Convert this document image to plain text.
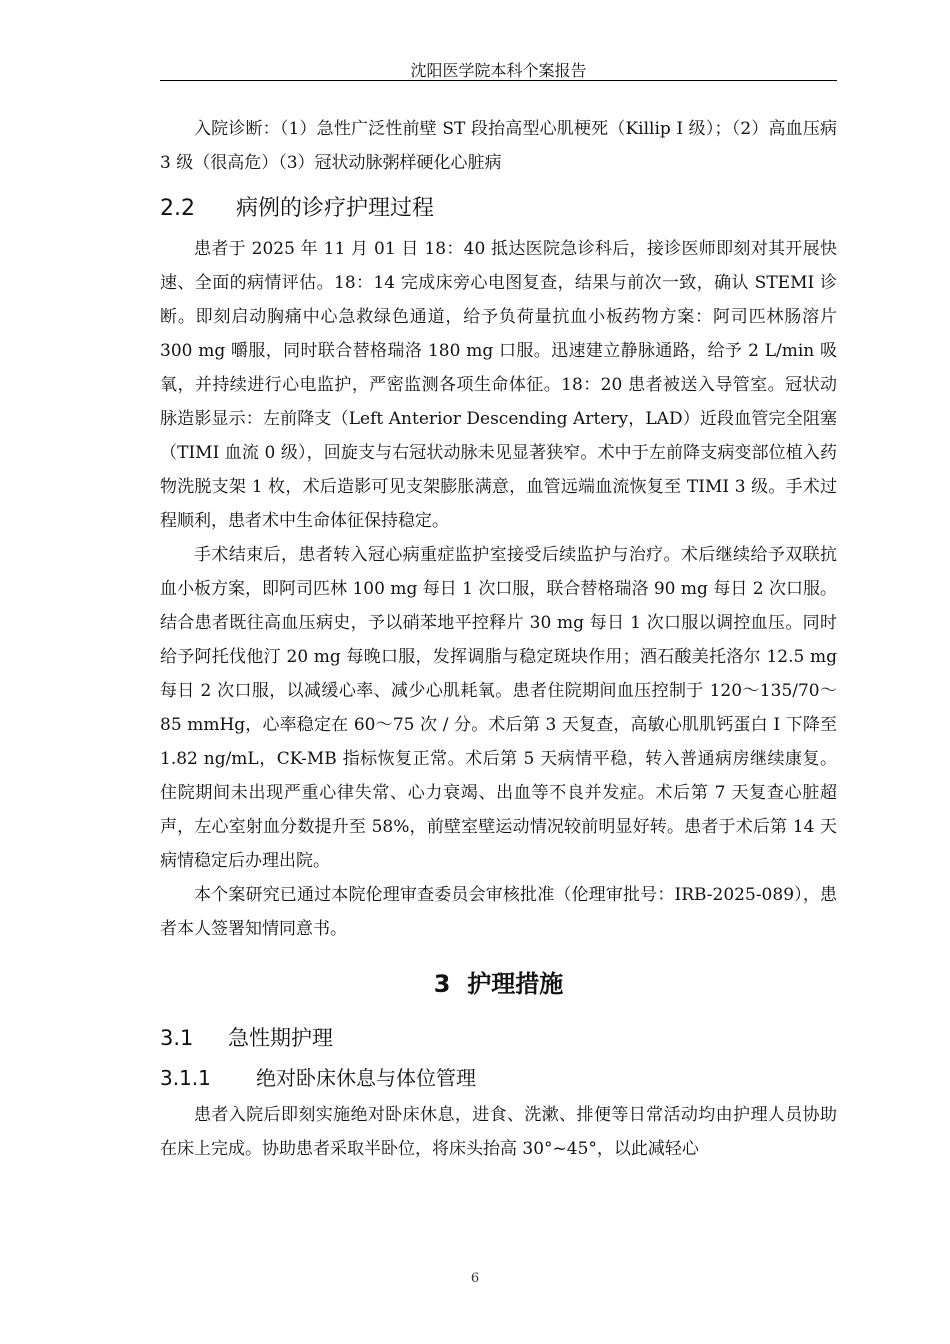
沈阳医学院本科个案报告

入院诊断：（1）急性广泛性前壁 ST 段抬高型心肌梗死（Killip I 级）；（2）高血压病 3 级（很高危）（3）冠状动脉粥样硬化心脏病

2.2 病例的诊疗护理过程

患者于 2025 年 11 月 01 日 18：40 抵达医院急诊科后，接诊医师即刻对其开展快速、全面的病情评估。18：14 完成床旁心电图复查，结果与前次一致，确认 STEMI 诊断。即刻启动胸痛中心急救绿色通道，给予负荷量抗血小板药物方案：阿司匹林肠溶片 300 mg 嚼服，同时联合替格瑞洛 180 mg 口服。迅速建立静脉通路，给予 2 L/min 吸氧，并持续进行心电监护，严密监测各项生命体征。18：20 患者被送入导管室。冠状动脉造影显示：左前降支（Left Anterior Descending Artery，LAD）近段血管完全阻塞（TIMI 血流 0 级），回旋支与右冠状动脉未见显著狭窄。术中于左前降支病变部位植入药物洗脱支架 1 枚，术后造影可见支架膨胀满意，血管远端血流恢复至 TIMI 3 级。手术过程顺利，患者术中生命体征保持稳定。

手术结束后，患者转入冠心病重症监护室接受后续监护与治疗。术后继续给予双联抗血小板方案，即阿司匹林 100 mg 每日 1 次口服，联合替格瑞洛 90 mg 每日 2 次口服。结合患者既往高血压病史，予以硝苯地平控释片 30 mg 每日 1 次口服以调控血压。同时给予阿托伐他汀 20 mg 每晚口服，发挥调脂与稳定斑块作用；酒石酸美托洛尔 12.5 mg 每日 2 次口服，以减缓心率、减少心肌耗氧。患者住院期间血压控制于 120～135/70～85 mmHg，心率稳定在 60～75 次 / 分。术后第 3 天复查，高敏心肌肌钙蛋白 I 下降至 1.82 ng/mL，CK-MB 指标恢复正常。术后第 5 天病情平稳，转入普通病房继续康复。住院期间未出现严重心律失常、心力衰竭、出血等不良并发症。术后第 7 天复查心脏超声，左心室射血分数提升至 58%，前壁室壁运动情况较前明显好转。患者于术后第 14 天病情稳定后办理出院。

本个案研究已通过本院伦理审查委员会审核批准（伦理审批号：IRB-2025-089），患者本人签署知情同意书。

3 护理措施
3.1 急性期护理
3.1.1 绝对卧床休息与体位管理

患者入院后即刻实施绝对卧床休息，进食、洗漱、排便等日常活动均由护理人员协助在床上完成。协助患者采取半卧位，将床头抬高 30°~45°，以此减轻心

6
